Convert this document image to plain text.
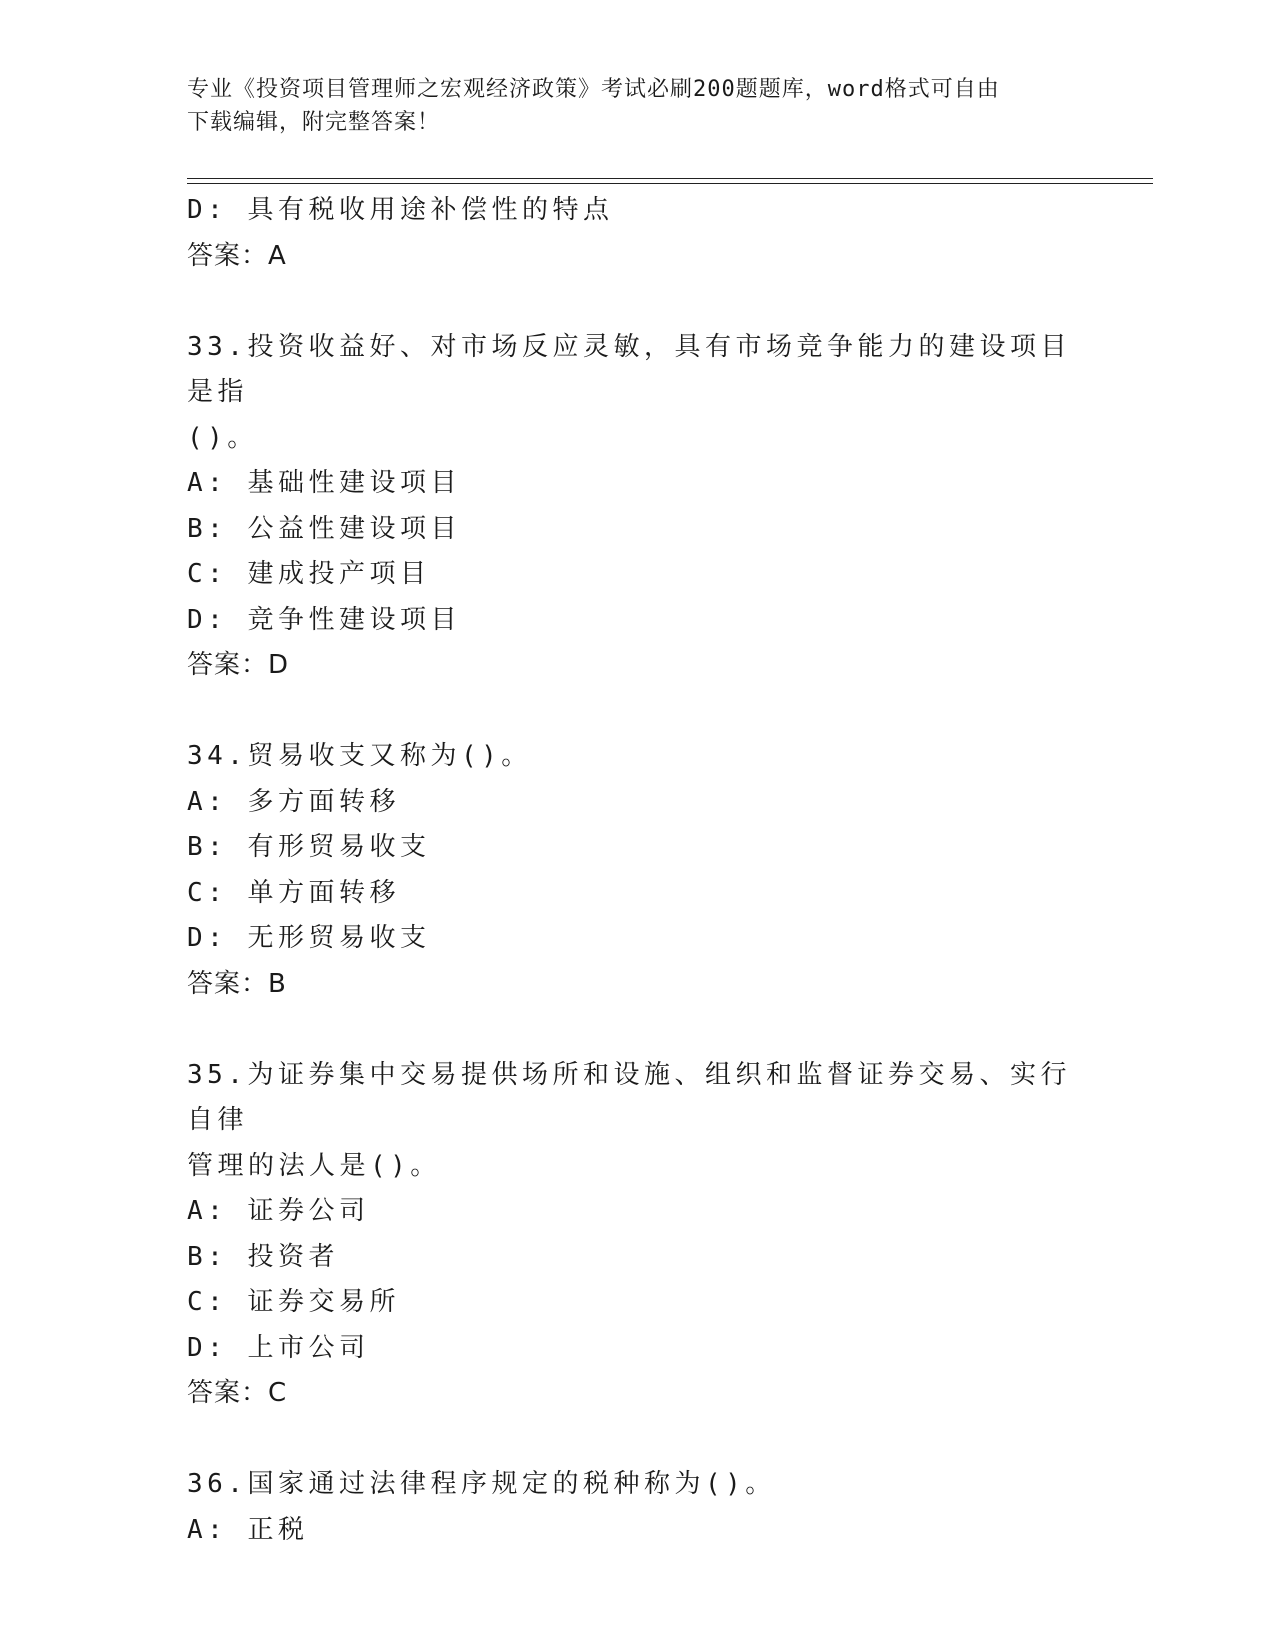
专业《投资项目管理师之宏观经济政策》考试必刷200题题库，word格式可自由
下载编辑，附完整答案！
D: 具有税收用途补偿性的特点
答案：A
33.投资收益好、对市场反应灵敏，具有市场竞争能力的建设项目是指
()。
A: 基础性建设项目
B: 公益性建设项目
C: 建成投产项目
D: 竞争性建设项目
答案：D
34.贸易收支又称为()。
A: 多方面转移
B: 有形贸易收支
C: 单方面转移
D: 无形贸易收支
答案：B
35.为证券集中交易提供场所和设施、组织和监督证券交易、实行自律
管理的法人是()。
A: 证券公司
B: 投资者
C: 证券交易所
D: 上市公司
答案：C
36.国家通过法律程序规定的税种称为()。
A: 正税
